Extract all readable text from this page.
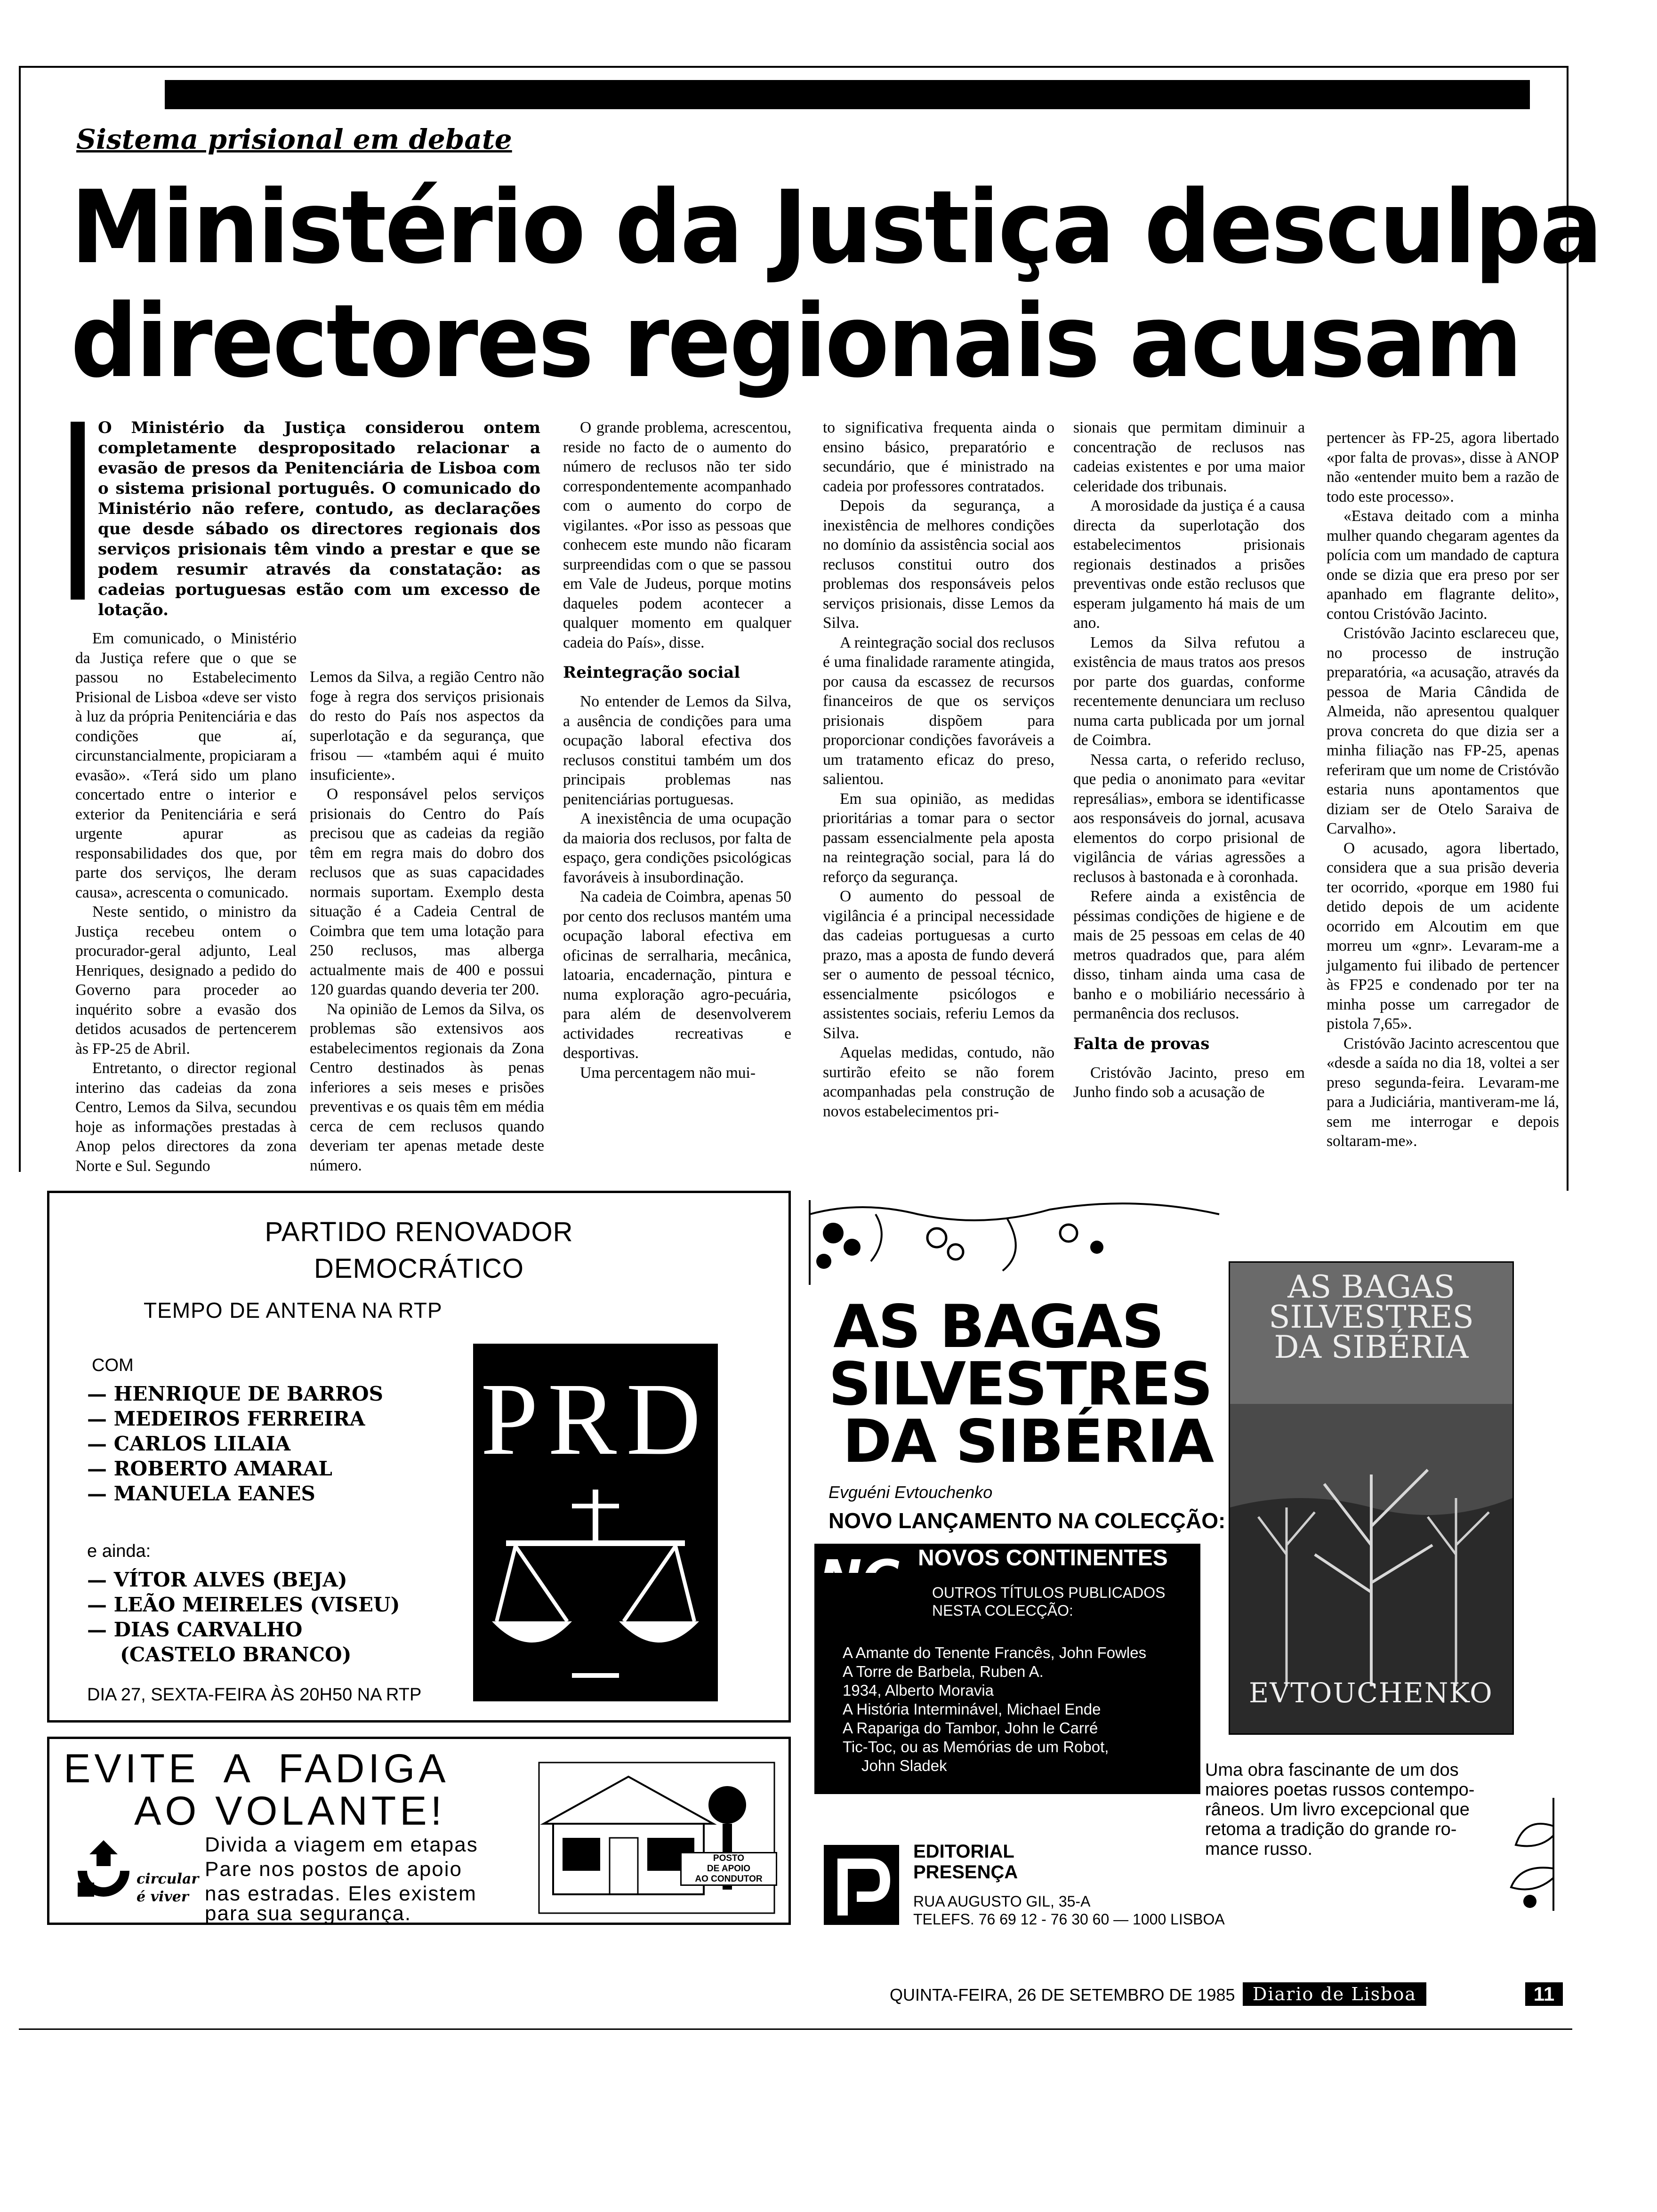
Sistema prisional em debate
Ministério da Justiça desculpa
directores regionais acusam
O Ministério da Justiça considerou ontem completamente despropositado relacionar a evasão de presos da Penitenciária de Lisboa com o sistema prisional português. O comunicado do Ministério não refere, contudo, as declarações que desde sábado os directores regionais dos serviços prisionais têm vindo a prestar e que se podem resumir através da constatação: as cadeias portuguesas estão com um excesso de lotação.

Em comunicado, o Ministério da Justiça refere que o que se passou no Estabelecimento Prisional de Lisboa «deve ser visto à luz da própria Penitenciária e das condições que aí, circunstancialmente, propiciaram a evasão». «Terá sido um plano concertado entre o interior e exterior da Penitenciária e será urgente apurar as responsabilidades dos que, por parte dos serviços, lhe deram causa», acrescenta o comunicado.

Neste sentido, o ministro da Justiça recebeu ontem o procurador-geral adjunto, Leal Henriques, designado a pedido do Governo para proceder ao inquérito sobre a evasão dos detidos acusados de pertencerem às FP-25 de Abril.

Entretanto, o director regional interino das cadeias da zona Centro, Lemos da Silva, secundou hoje as informações prestadas à Anop pelos directores da zona Norte e Sul. Segundo

Lemos da Silva, a região Centro não foge à regra dos serviços prisionais do resto do País nos aspectos da superlotação e da segurança, que frisou — «também aqui é muito insuficiente».

O responsável pelos serviços prisionais do Centro do País precisou que as cadeias da região têm em regra mais do dobro dos reclusos que as suas capacidades normais suportam. Exemplo desta situação é a Cadeia Central de Coimbra que tem uma lotação para 250 reclusos, mas alberga actualmente mais de 400 e possui 120 guardas quando deveria ter 200.

Na opinião de Lemos da Silva, os problemas são extensivos aos estabelecimentos regionais da Zona Centro destinados às penas inferiores a seis meses e prisões preventivas e os quais têm em média cerca de cem reclusos quando deveriam ter apenas metade deste número.

O grande problema, acrescentou, reside no facto de o aumento do número de reclusos não ter sido correspondentemente acompanhado com o aumento do corpo de vigilantes. «Por isso as pessoas que conhecem este mundo não ficaram surpreendidas com o que se passou em Vale de Judeus, porque motins daqueles podem acontecer a qualquer momento em qualquer cadeia do País», disse.

Reintegração social

No entender de Lemos da Silva, a ausência de condições para uma ocupação laboral efectiva dos reclusos constitui também um dos principais problemas nas penitenciárias portuguesas.

A inexistência de uma ocupação da maioria dos reclusos, por falta de espaço, gera condições psicológicas favoráveis à insubordinação.

Na cadeia de Coimbra, apenas 50 por cento dos reclusos mantém uma ocupação laboral efectiva em oficinas de serralharia, mecânica, latoaria, encadernação, pintura e numa exploração agro-pecuária, para além de desenvolverem actividades recreativas e desportivas.

Uma percentagem não mui-

to significativa frequenta ainda o ensino básico, preparatório e secundário, que é ministrado na cadeia por professores contratados.

Depois da segurança, a inexistência de melhores condições no domínio da assistência social aos reclusos constitui outro dos problemas dos responsáveis pelos serviços prisionais, disse Lemos da Silva.

A reintegração social dos reclusos é uma finalidade raramente atingida, por causa da escassez de recursos financeiros de que os serviços prisionais dispõem para proporcionar condições favoráveis a um tratamento eficaz do preso, salientou.

Em sua opinião, as medidas prioritárias a tomar para o sector passam essencialmente pela aposta na reintegração social, para lá do reforço da segurança.

O aumento do pessoal de vigilância é a principal necessidade das cadeias portuguesas a curto prazo, mas a aposta de fundo deverá ser o aumento de pessoal técnico, essencialmente psicólogos e assistentes sociais, referiu Lemos da Silva.

Aquelas medidas, contudo, não surtirão efeito se não forem acompanhadas pela construção de novos estabelecimentos pri-

sionais que permitam diminuir a concentração de reclusos nas cadeias existentes e por uma maior celeridade dos tribunais.

A morosidade da justiça é a causa directa da superlotação dos estabelecimentos prisionais regionais destinados a prisões preventivas onde estão reclusos que esperam julgamento há mais de um ano.

Lemos da Silva refutou a existência de maus tratos aos presos por parte dos guardas, conforme recentemente denunciara um recluso numa carta publicada por um jornal de Coimbra.

Nessa carta, o referido recluso, que pedia o anonimato para «evitar represálias», embora se identificasse aos responsáveis do jornal, acusava elementos do corpo prisional de vigilância de várias agressões a reclusos à bastonada e à coronhada.

Refere ainda a existência de péssimas condições de higiene e de mais de 25 pessoas em celas de 40 metros quadrados que, para além disso, tinham ainda uma casa de banho e o mobiliário necessário à permanência dos reclusos.

Falta de provas

Cristóvão Jacinto, preso em Junho findo sob a acusação de

pertencer às FP-25, agora libertado «por falta de provas», disse à ANOP não «entender muito bem a razão de todo este processo».

«Estava deitado com a minha mulher quando chegaram agentes da polícia com um mandado de captura onde se dizia que era preso por ser apanhado em flagrante delito», contou Cristóvão Jacinto.

Cristóvão Jacinto esclareceu que, no processo de instrução preparatória, «a acusação, através da pessoa de Maria Cândida de Almeida, não apresentou qualquer prova concreta do que dizia ser a minha filiação nas FP-25, apenas referiram que um nome de Cristóvão estaria nuns apontamentos que diziam ser de Otelo Saraiva de Carvalho».

O acusado, agora libertado, considera que a sua prisão deveria ter ocorrido, «porque em 1980 fui detido depois de um acidente ocorrido em Alcoutim em que morreu um «gnr». Levaram-me a julgamento fui ilibado de pertencer às FP25 e condenado por ter na minha posse um carregador de pistola 7,65».

Cristóvão Jacinto acrescentou que «desde a saída no dia 18, voltei a ser preso segunda-feira. Levaram-me para a Judiciária, mantiveram-me lá, sem me interrogar e depois soltaram-me».

PARTIDO RENOVADOR
DEMOCRÁTICO
TEMPO DE ANTENA NA RTP
COM
— HENRIQUE DE BARROS
— MEDEIROS FERREIRA
— CARLOS LILAIA
— ROBERTO AMARAL
— MANUELA EANES
e ainda:
— VÍTOR ALVES (BEJA)
— LEÃO MEIRELES (VISEU)
— DIAS CARVALHO
(CASTELO BRANCO)
DIA 27, SEXTA-FEIRA ÀS 20H50 NA RTP
PRD
EVITE A FADIGA
AO VOLANTE!
circular
é viver
Divida a viagem em etapas
Pare nos postos de apoio
nas estradas. Eles existem
para sua segurança.
POSTO
DE APOIO
AO CONDUTOR
AS BAGAS
SILVESTRES
DA SIBÉRIA
Evguéni Evtouchenko
NOVO LANÇAMENTO NA COLECÇÃO:
NOVOS CONTINENTES
OUTROS TÍTULOS PUBLICADOS
NESTA COLECÇÃO:
A Amante do Tenente Francês, John Fowles
A Torre de Barbela, Ruben A.
1934, Alberto Moravia
A História Interminável, Michael Ende
A Rapariga do Tambor, John le Carré
Tic-Toc, ou as Memórias de um Robot,
John Sladek
AS BAGAS
SILVESTRES
DA SIBÉRIA
EVTOUCHENKO
Uma obra fascinante de um dos
maiores poetas russos contempo-
râneos. Um livro excepcional que
retoma a tradição do grande ro-
mance russo.
EDITORIAL
PRESENÇA
RUA AUGUSTO GIL, 35-A
TELEFS. 76 69 12 - 76 30 60 — 1000 LISBOA
QUINTA-FEIRA, 26 DE SETEMBRO DE 1985 Diario de Lisboa	11
